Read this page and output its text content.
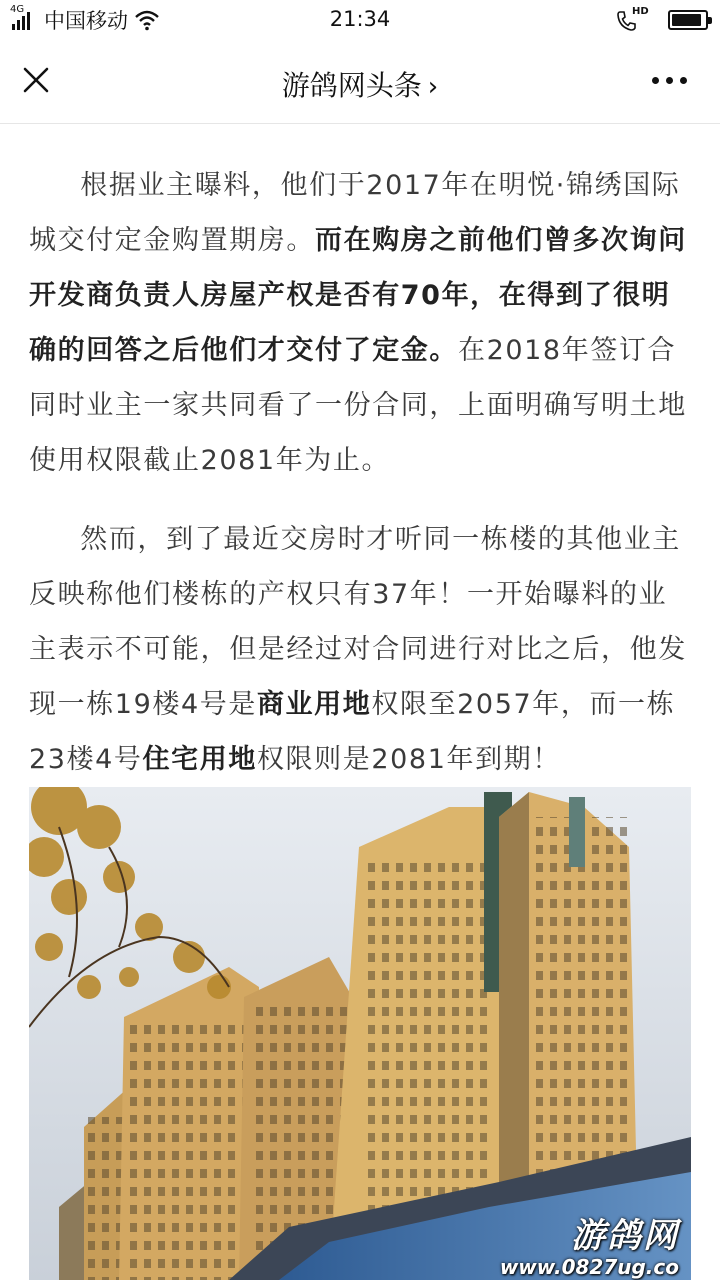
4G 中国移动	21:34	HD
游鸽网头条 ›

根据业主曝料，他们于2017年在明悦·锦绣国际城交付定金购置期房。而在购房之前他们曾多次询问开发商负责人房屋产权是否有70年，在得到了很明确的回答之后他们才交付了定金。在2018年签订合同时业主一家共同看了一份合同，上面明确写明土地使用权限截止2081年为止。

然而，到了最近交房时才听同一栋楼的其他业主反映称他们楼栋的产权只有37年！一开始曝料的业主表示不可能，但是经过对合同进行对比之后，他发现一栋19楼4号是商业用地权限至2057年，而一栋23楼4号住宅用地权限则是2081年到期！

游鸽网
www.0827ug.co
